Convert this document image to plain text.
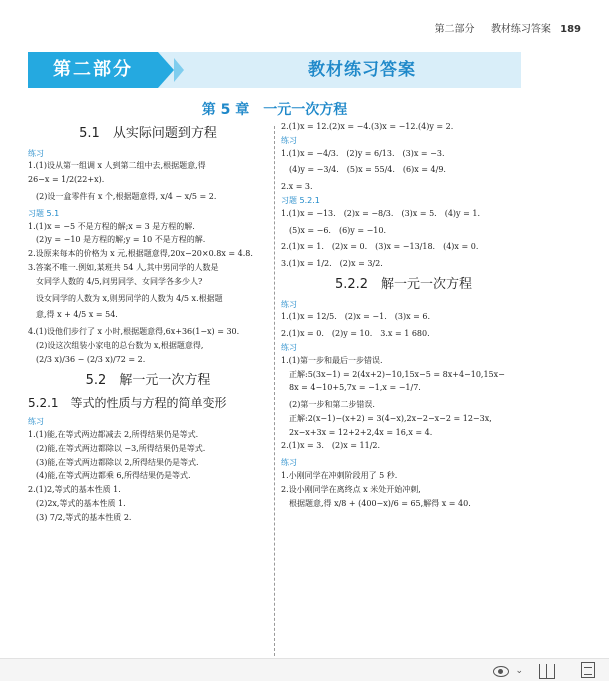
第二部分 　 教材练习答案 189
第二部分	教材练习答案
第 5 章　一元一次方程
5.1　从实际问题到方程
练习
1.(1)设从第一组调 x 人到第二组中去,根据题意,得
26−x = 1/2(22+x).
(2)设一盒零件有 x 个,根据题意得, x/4 − x/5 = 2.
习题 5.1
1.(1)x = −5 不是方程的解;x = 3 是方程的解.
(2)y = −10 是方程的解;y = 10 不是方程的解.
2.设原来每本的价格为 x 元,根据题意得,20x−20×0.8x = 4.8.
3.答案不唯一.例如,某班共 54 人,其中男同学的人数是
女同学人数的 4/5,问男同学、女同学各多少人?
设女同学的人数为 x,则男同学的人数为 4/5 x.根据题
意,得 x + 4/5 x = 54.
4.(1)设他们步行了 x 小时,根据题意得,6x+36(1−x) = 30.
(2)设这次组装小家电的总台数为 x,根据题意得,
(2/3 x)/36 − (2/3 x)/72 = 2.
5.2　解一元一次方程
5.2.1　等式的性质与方程的简单变形
练习
1.(1)能,在等式两边都减去 2,所得结果仍是等式.
(2)能,在等式两边都除以 −3,所得结果仍是等式.
(3)能,在等式两边都除以 2,所得结果仍是等式.
(4)能,在等式两边都乘 6,所得结果仍是等式.
2.(1)2,等式的基本性质 1.
(2)2x,等式的基本性质 1.
(3) 7/2,等式的基本性质 2.
2.(1)x = 12.(2)x = −4.(3)x = −12.(4)y = 2.
练习
1.(1)x = −4/3.　(2)y = 6/13.　(3)x = −3.
(4)y = −3/4.　(5)x = 55/4.　(6)x = 4/9.
2.x = 3.
习题 5.2.1
1.(1)x = −13.　(2)x = −8/3.　(3)x = 5.　(4)y = 1.
(5)x = −6.　(6)y = −10.
2.(1)x = 1.　(2)x = 0.　(3)x = −13/18.　(4)x = 0.
3.(1)x = 1/2.　(2)x = 3/2.
5.2.2　解一元一次方程
练习
1.(1)x = 12/5.　(2)x = −1.　(3)x = 6.
2.(1)x = 0.　(2)y = 10.　3.x = 1 680.
练习
1.(1)第一步和最后一步错误.
正解:5(3x−1) = 2(4x+2)−10,15x−5 = 8x+4−10,15x−
8x = 4−10+5,7x = −1,x = −1/7.
(2)第一步和第二步错误.
正解:2(x−1)−(x+2) = 3(4−x),2x−2−x−2 = 12−3x,
2x−x+3x = 12+2+2,4x = 16,x = 4.
2.(1)x = 3.　(2)x = 11/2.
练习
1.小刚同学在冲刺阶段用了 5 秒.
2.设小刚同学在离终点 x 米处开始冲刺,
根据题意,得 x/8 + (400−x)/6 = 65,解得 x = 40.
⌄
